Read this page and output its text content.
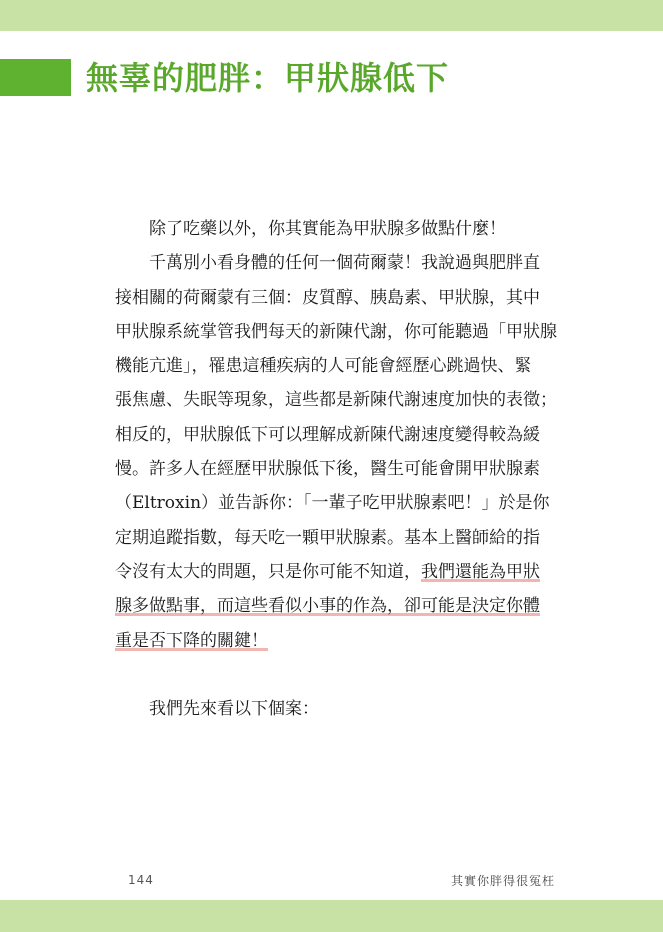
無辜的肥胖：甲狀腺低下

除了吃藥以外，你其實能為甲狀腺多做點什麼！

千萬別小看身體的任何一個荷爾蒙！我說過與肥胖直
接相關的荷爾蒙有三個：皮質醇、胰島素、甲狀腺，其中
甲狀腺系統掌管我們每天的新陳代謝，你可能聽過「甲狀腺
機能亢進」，罹患這種疾病的人可能會經歷心跳過快、緊
張焦慮、失眠等現象，這些都是新陳代謝速度加快的表徵；
相反的，甲狀腺低下可以理解成新陳代謝速度變得較為緩
慢。許多人在經歷甲狀腺低下後，醫生可能會開甲狀腺素
（Eltroxin）並告訴你：「一輩子吃甲狀腺素吧！」於是你
定期追蹤指數，每天吃一顆甲狀腺素。基本上醫師給的指
令沒有太大的問題，只是你可能不知道，我們還能為甲狀
腺多做點事，而這些看似小事的作為，卻可能是決定你體
重是否下降的關鍵！

我們先來看以下個案：

144	其實你胖得很冤枉
